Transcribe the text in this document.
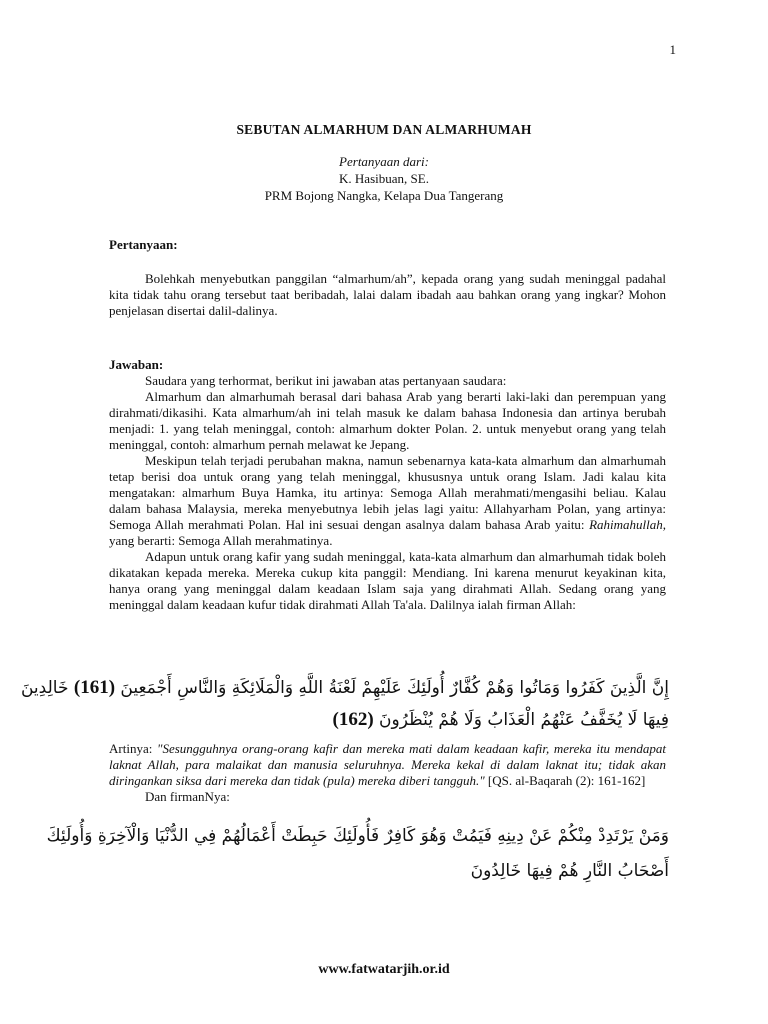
1
SEBUTAN ALMARHUM DAN ALMARHUMAH
Pertanyaan dari:
K. Hasibuan, SE.
PRM Bojong Nangka, Kelapa Dua Tangerang
Pertanyaan:

Bolehkah menyebutkan panggilan “almarhum/ah”, kepada orang yang sudah meninggal padahal kita tidak tahu orang tersebut taat beribadah, lalai dalam ibadah aau bahkan orang yang ingkar? Mohon penjelasan disertai dalil-dalinya.

Jawaban:

Saudara yang terhormat, berikut ini jawaban atas pertanyaan saudara:

Almarhum dan almarhumah berasal dari bahasa Arab yang berarti laki-laki dan perempuan yang dirahmati/dikasihi. Kata almarhum/ah ini telah masuk ke dalam bahasa Indonesia dan artinya berubah menjadi: 1. yang telah meninggal, contoh: almarhum dokter Polan. 2. untuk menyebut orang yang telah meninggal, contoh: almarhum pernah melawat ke Jepang.

Meskipun telah terjadi perubahan makna, namun sebenarnya kata-kata almarhum dan almarhumah tetap berisi doa untuk orang yang telah meninggal, khususnya untuk orang Islam. Jadi kalau kita mengatakan: almarhum Buya Hamka, itu artinya: Semoga Allah merahmati/mengasihi beliau. Kalau dalam bahasa Malaysia, mereka menyebutnya lebih jelas lagi yaitu: Allahyarham Polan, yang artinya: Semoga Allah merahmati Polan. Hal ini sesuai dengan asalnya dalam bahasa Arab yaitu: Rahimahullah, yang berarti: Semoga Allah merahmatinya.

Adapun untuk orang kafir yang sudah meninggal, kata-kata almarhum dan almarhumah tidak boleh dikatakan kepada mereka. Mereka cukup kita panggil: Mendiang. Ini karena menurut keyakinan kita, hanya orang yang meninggal dalam keadaan Islam saja yang dirahmati Allah. Sedang orang yang meninggal dalam keadaan kufur tidak dirahmati Allah Ta'ala. Dalilnya ialah firman Allah:

إِنَّ الَّذِينَ كَفَرُوا وَمَاتُوا وَهُمْ كُفَّارٌ أُولَئِكَ عَلَيْهِمْ لَعْنَةُ اللَّهِ وَالْمَلَائِكَةِ وَالنَّاسِ أَجْمَعِينَ (161) خَالِدِينَ
فِيهَا لَا يُخَفَّفُ عَنْهُمُ الْعَذَابُ وَلَا هُمْ يُنْظَرُونَ (162)

Artinya: "Sesungguhnya orang-orang kafir dan mereka mati dalam keadaan kafir, mereka itu mendapat laknat Allah, para malaikat dan manusia seluruhnya. Mereka kekal di dalam laknat itu; tidak akan diringankan siksa dari mereka dan tidak (pula) mereka diberi tangguh." [QS. al-Baqarah (2): 161-162]

Dan firmanNya:

وَمَنْ يَرْتَدِدْ مِنْكُمْ عَنْ دِينِهِ فَيَمُتْ وَهُوَ كَافِرٌ فَأُولَئِكَ حَبِطَتْ أَعْمَالُهُمْ فِي الدُّنْيَا وَالْآخِرَةِ وَأُولَئِكَ
أَصْحَابُ النَّارِ هُمْ فِيهَا خَالِدُونَ
www.fatwatarjih.or.id
